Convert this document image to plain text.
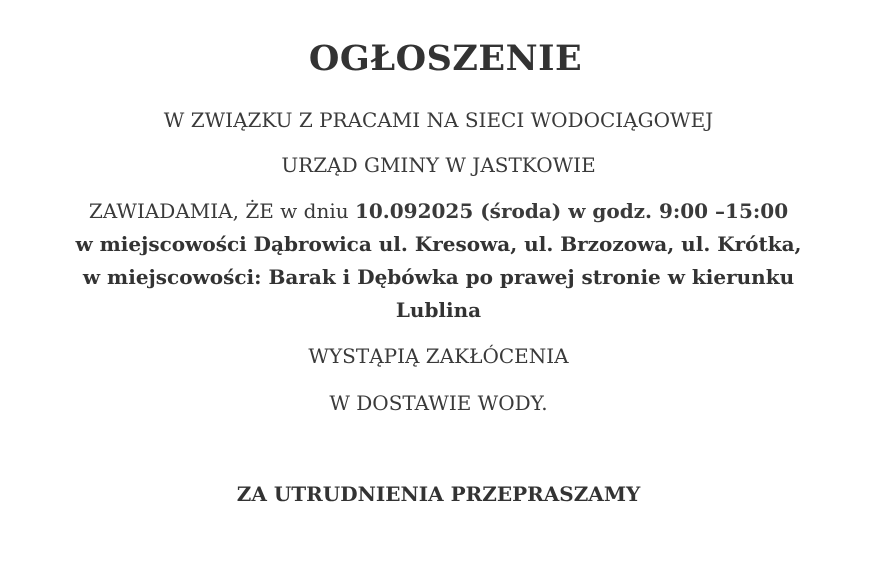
OGŁOSZENIE
W ZWIĄZKU Z PRACAMI NA SIECI WODOCIĄGOWEJ
URZĄD GMINY W JASTKOWIE
ZAWIADAMIA, ŻE w dniu 10.092025 (środa) w godz. 9:00 –15:00
w miejscowości Dąbrowica ul. Kresowa, ul. Brzozowa, ul. Krótka,
w miejscowości: Barak i Dębówka po prawej stronie w kierunku
Lublina
WYSTĄPIĄ ZAKŁÓCENIA
W DOSTAWIE WODY.
ZA UTRUDNIENIA PRZEPRASZAMY
